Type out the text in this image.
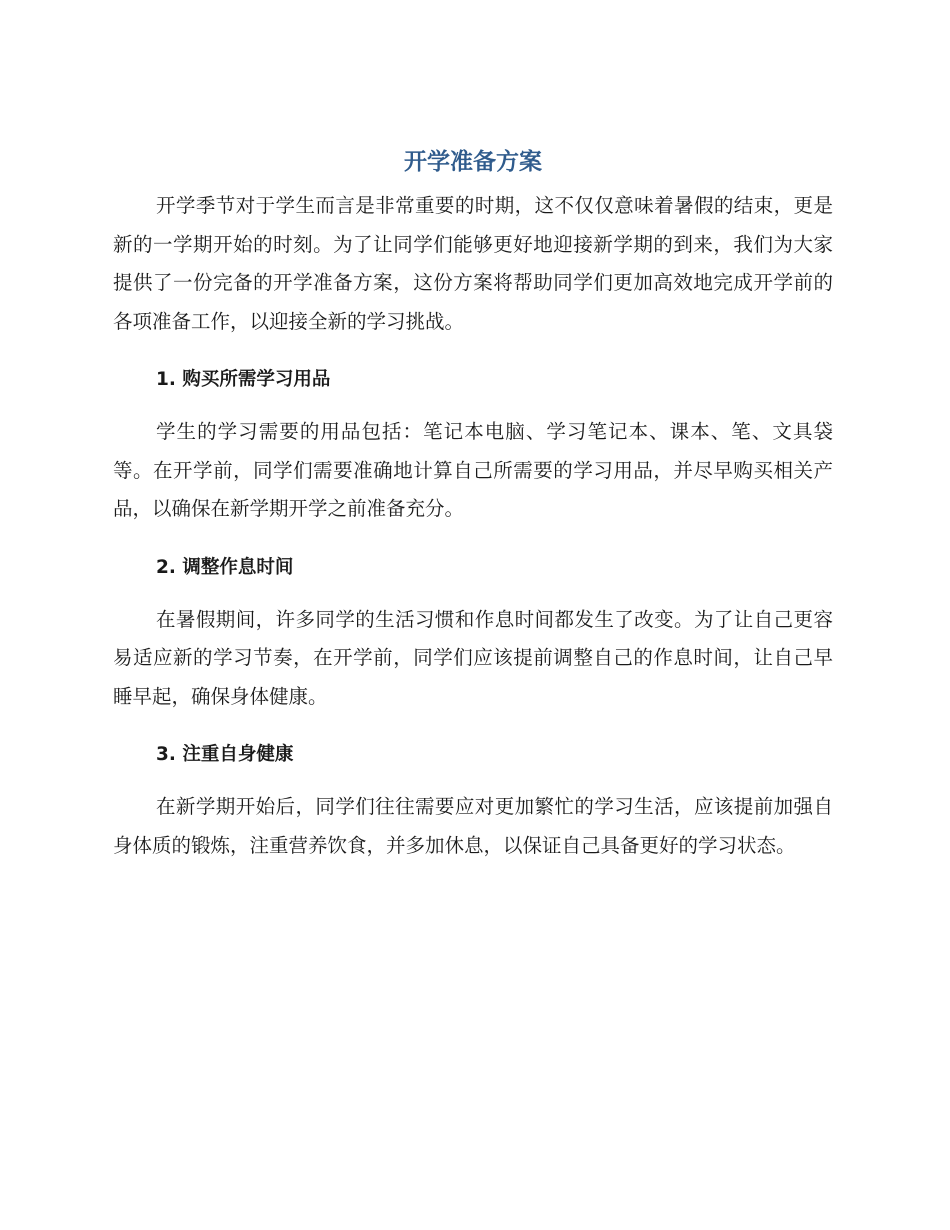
开学准备方案

开学季节对于学生而言是非常重要的时期，这不仅仅意味着暑假的结束，更是新的一学期开始的时刻。为了让同学们能够更好地迎接新学期的到来，我们为大家提供了一份完备的开学准备方案，这份方案将帮助同学们更加高效地完成开学前的各项准备工作，以迎接全新的学习挑战。

1. 购买所需学习用品

学生的学习需要的用品包括：笔记本电脑、学习笔记本、课本、笔、文具袋等。在开学前，同学们需要准确地计算自己所需要的学习用品，并尽早购买相关产品，以确保在新学期开学之前准备充分。

2. 调整作息时间

在暑假期间，许多同学的生活习惯和作息时间都发生了改变。为了让自己更容易适应新的学习节奏，在开学前，同学们应该提前调整自己的作息时间，让自己早睡早起，确保身体健康。

3. 注重自身健康

在新学期开始后，同学们往往需要应对更加繁忙的学习生活，应该提前加强自身体质的锻炼，注重营养饮食，并多加休息，以保证自己具备更好的学习状态。
